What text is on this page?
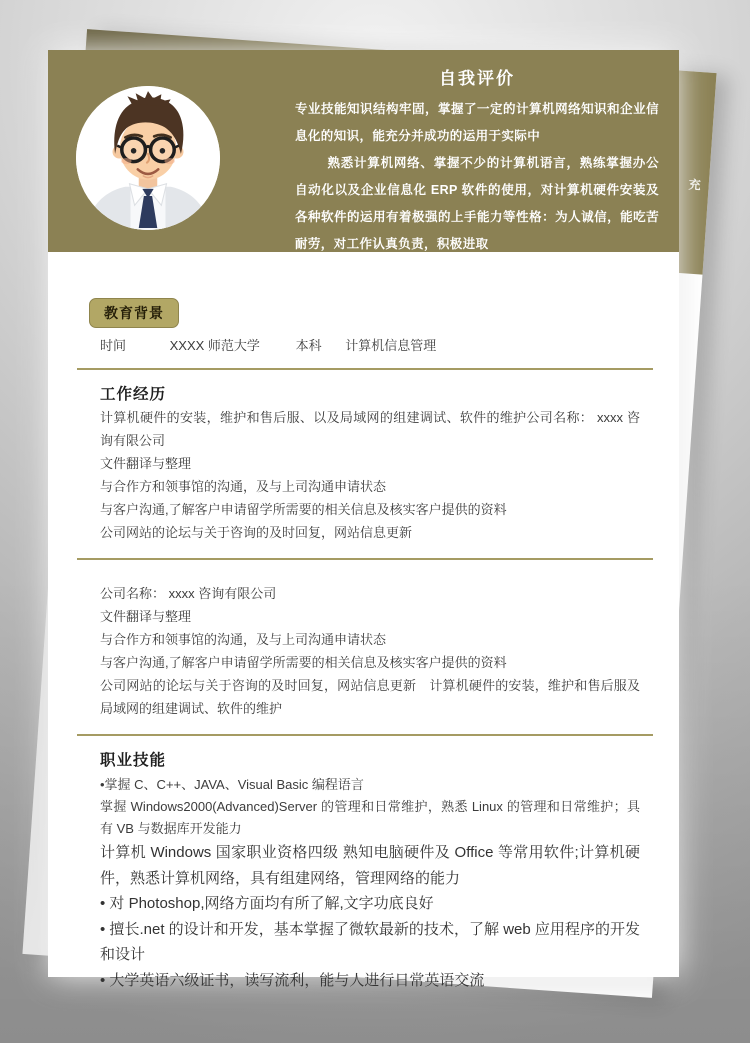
充
自我评价

专业技能知识结构牢固，掌握了一定的计算机网络知识和企业信息化的知识，能充分并成功的运用于实际中

熟悉计算机网络、掌握不少的计算机语言，熟练掌握办公自动化以及企业信息化 ERP 软件的使用，对计算机硬件安装及各种软件的运用有着极强的上手能力等性格：为人诚信，能吃苦耐劳，对工作认真负责，积极进取

教育背景
时间	XXXX 师范大学	本科 计算机信息管理
工作经历

计算机硬件的安装，维护和售后服、以及局域网的组建调试、软件的维护公司名称： xxxx 咨询有限公司

文件翻译与整理

与合作方和领事馆的沟通，及与上司沟通申请状态

与客户沟通,了解客户申请留学所需要的相关信息及核实客户提供的资料

公司网站的论坛与关于咨询的及时回复，网站信息更新

公司名称： xxxx 咨询有限公司

文件翻译与整理

与合作方和领事馆的沟通，及与上司沟通申请状态

与客户沟通,了解客户申请留学所需要的相关信息及核实客户提供的资料

公司网站的论坛与关于咨询的及时回复，网站信息更新　计算机硬件的安装，维护和售后服及局域网的组建调试、软件的维护

职业技能

•掌握 C、C++、JAVA、Visual Basic 编程语言

掌握 Windows2000(Advanced)Server 的管理和日常维护，熟悉 Linux 的管理和日常维护；具有 VB 与数据库开发能力

计算机 Windows 国家职业资格四级 熟知电脑硬件及 Office 等常用软件;计算机硬件，熟悉计算机网络，具有组建网络，管理网络的能力

• 对 Photoshop,网络方面均有所了解,文字功底良好

• 擅长.net 的设计和开发，基本掌握了微软最新的技术，了解 web 应用程序的开发和设计

• 大学英语六级证书，读写流利，能与人进行日常英语交流
